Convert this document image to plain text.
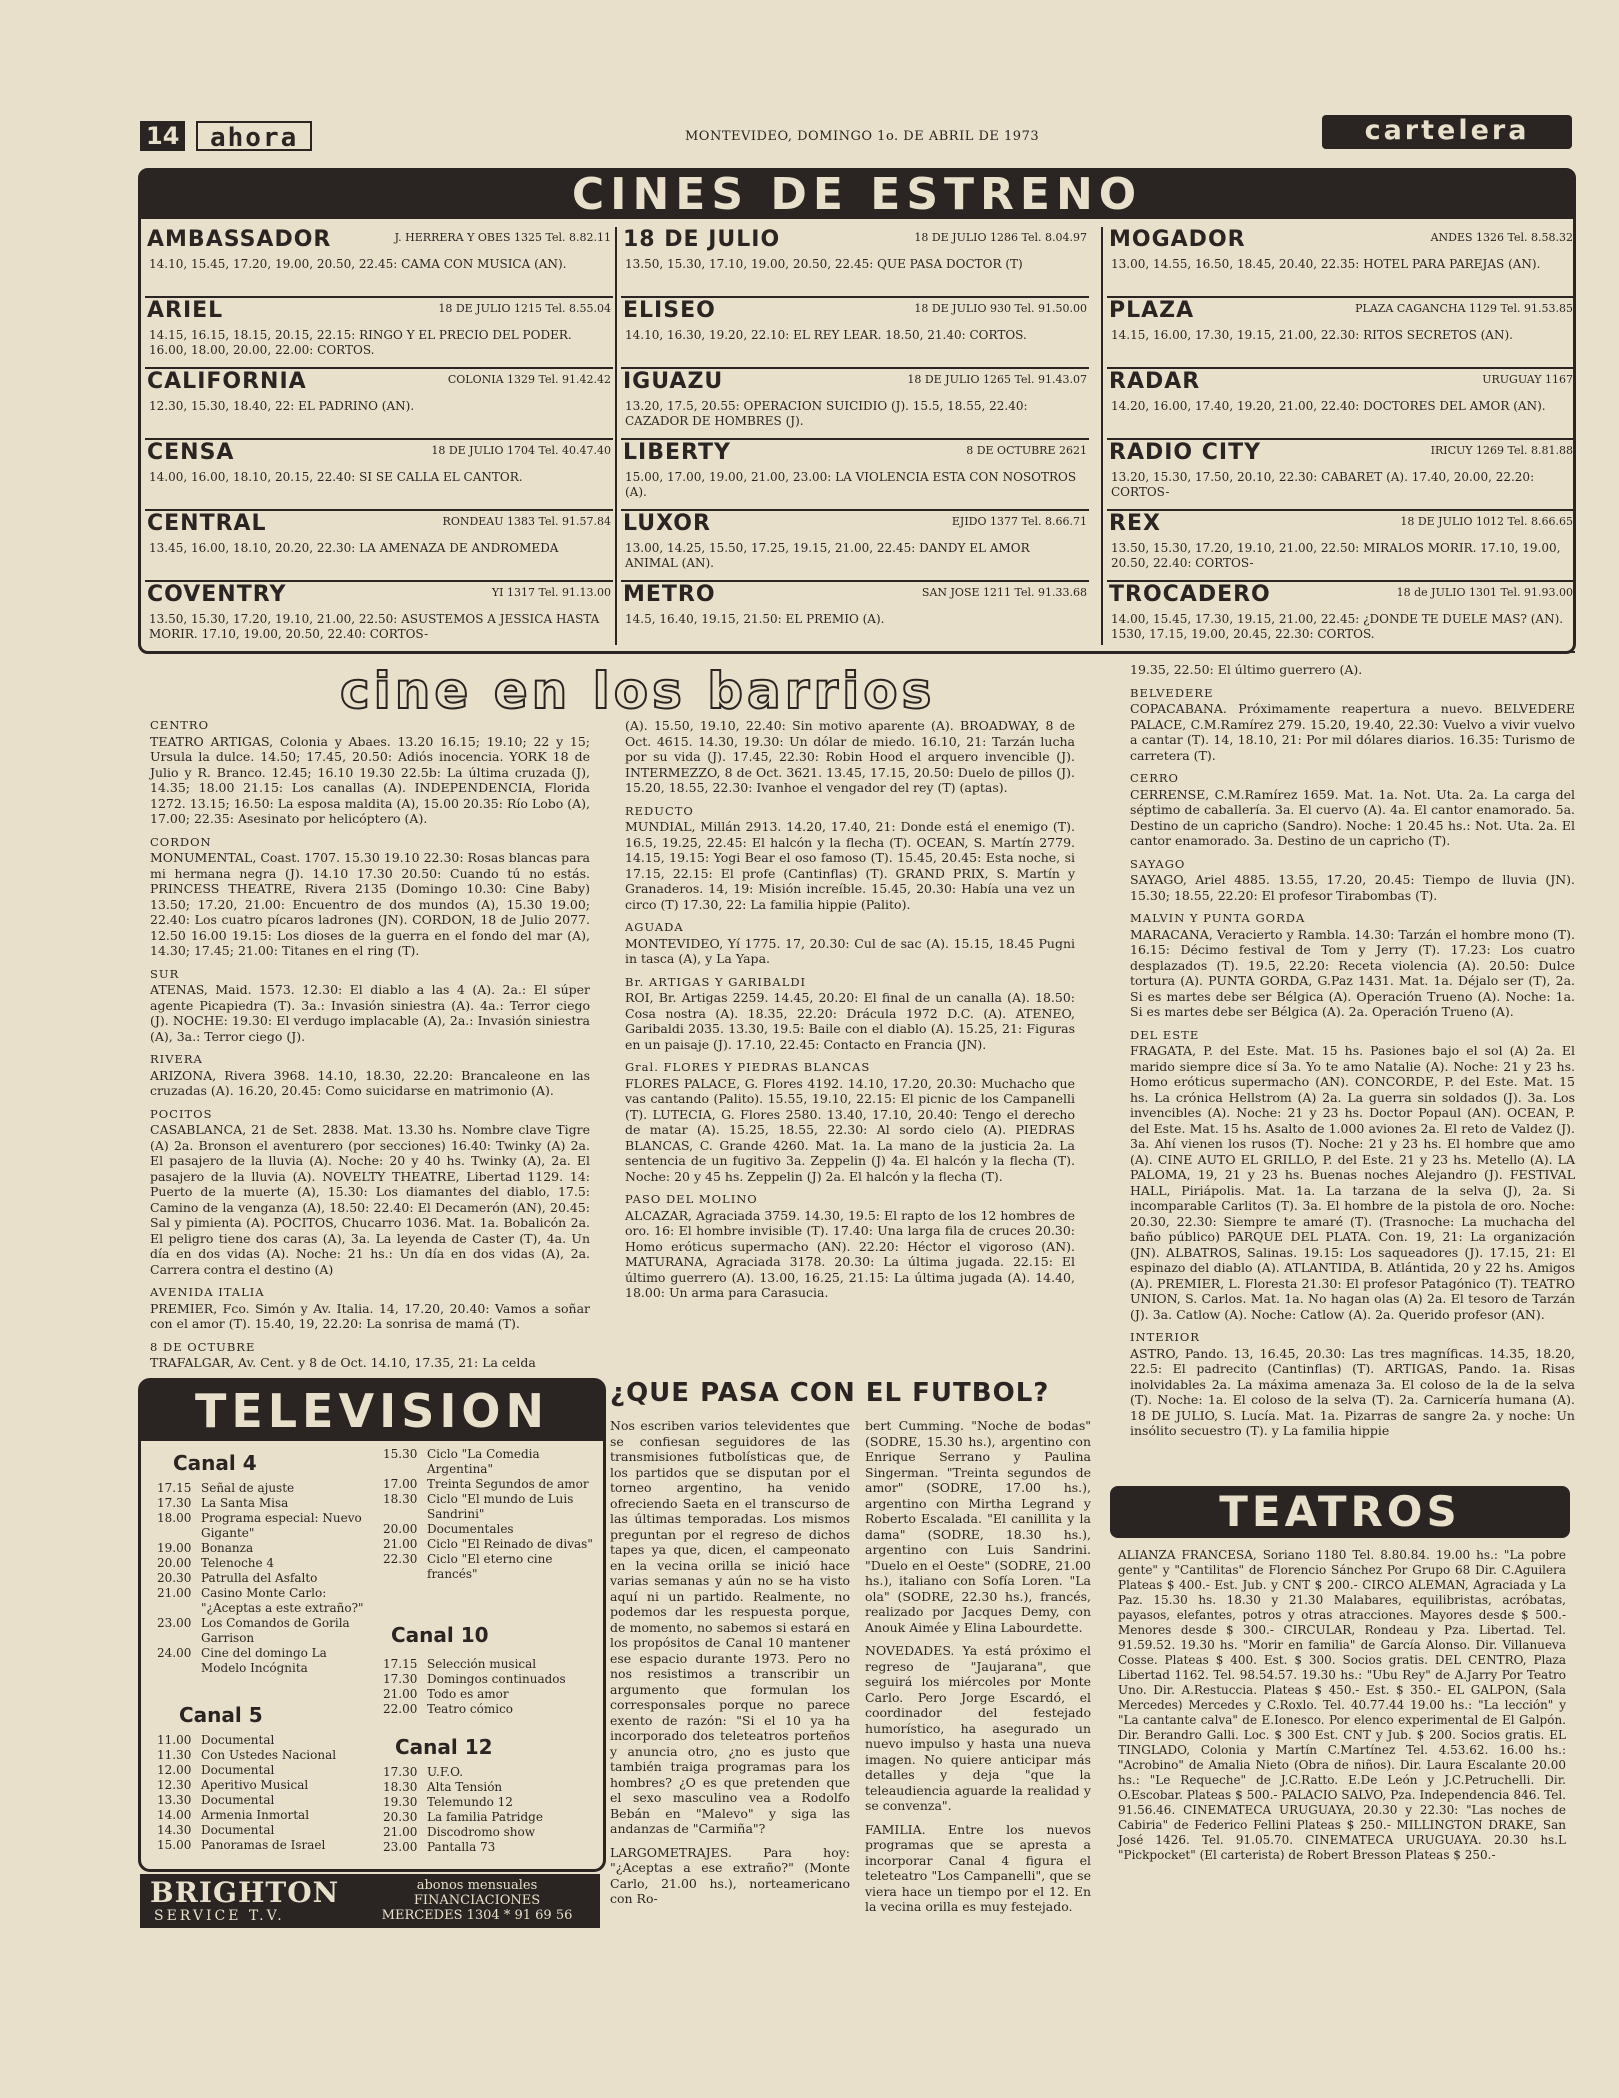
14	ahora	MONTEVIDEO, DOMINGO 1o. DE ABRIL DE 1973	cartelera
CINES DE ESTRENO
AMBASSADOR	J. HERRERA Y OBES 1325 Tel. 8.82.11
14.10, 15.45, 17.20, 19.00, 20.50, 22.45: CAMA CON MUSICA (AN).
ARIEL	18 DE JULIO 1215 Tel. 8.55.04
14.15, 16.15, 18.15, 20.15, 22.15: RINGO Y EL PRECIO DEL PODER. 16.00, 18.00, 20.00, 22.00: CORTOS.
CALIFORNIA	COLONIA 1329 Tel. 91.42.42
12.30, 15.30, 18.40, 22: EL PADRINO (AN).
CENSA	18 DE JULIO 1704 Tel. 40.47.40
14.00, 16.00, 18.10, 20.15, 22.40: SI SE CALLA EL CANTOR.
CENTRAL	RONDEAU 1383 Tel. 91.57.84
13.45, 16.00, 18.10, 20.20, 22.30: LA AMENAZA DE ANDROMEDA
COVENTRY	YI 1317 Tel. 91.13.00
13.50, 15.30, 17.20, 19.10, 21.00, 22.50: ASUSTEMOS A JESSICA HASTA MORIR. 17.10, 19.00, 20.50, 22.40: CORTOS-
18 DE JULIO	18 DE JULIO 1286 Tel. 8.04.97
13.50, 15.30, 17.10, 19.00, 20.50, 22.45: QUE PASA DOCTOR (T)
ELISEO	18 DE JULIO 930 Tel. 91.50.00
14.10, 16.30, 19.20, 22.10: EL REY LEAR. 18.50, 21.40: CORTOS.
IGUAZU	18 DE JULIO 1265 Tel. 91.43.07
13.20, 17.5, 20.55: OPERACION SUICIDIO (J). 15.5, 18.55, 22.40: CAZADOR DE HOMBRES (J).
LIBERTY	8 DE OCTUBRE 2621
15.00, 17.00, 19.00, 21.00, 23.00: LA VIOLENCIA ESTA CON NOSOTROS (A).
LUXOR	EJIDO 1377 Tel. 8.66.71
13.00, 14.25, 15.50, 17.25, 19.15, 21.00, 22.45: DANDY EL AMOR ANIMAL (AN).
METRO	SAN JOSE 1211 Tel. 91.33.68
14.5, 16.40, 19.15, 21.50: EL PREMIO (A).
MOGADOR	ANDES 1326 Tel. 8.58.32
13.00, 14.55, 16.50, 18.45, 20.40, 22.35: HOTEL PARA PAREJAS (AN).
PLAZA	PLAZA CAGANCHA 1129 Tel. 91.53.85
14.15, 16.00, 17.30, 19.15, 21.00, 22.30: RITOS SECRETOS (AN).
RADAR	URUGUAY 1167
14.20, 16.00, 17.40, 19.20, 21.00, 22.40: DOCTORES DEL AMOR (AN).
RADIO CITY	IRICUY 1269 Tel. 8.81.88
13.20, 15.30, 17.50, 20.10, 22.30: CABARET (A). 17.40, 20.00, 22.20: CORTOS-
REX	18 DE JULIO 1012 Tel. 8.66.65
13.50, 15.30, 17.20, 19.10, 21.00, 22.50: MIRALOS MORIR. 17.10, 19.00, 20.50, 22.40: CORTOS-
TROCADERO	18 de JULIO 1301 Tel. 91.93.00
14.00, 15.45, 17.30, 19.15, 21.00, 22.45: ¿DONDE TE DUELE MAS? (AN). 1530, 17.15, 19.00, 20.45, 22.30: CORTOS.
cine en los barrios
CENTRO

TEATRO ARTIGAS, Colonia y Abaes. 13.20 16.15; 19.10; 22 y 15; Ursula la dulce. 14.50; 17.45, 20.50: Adiós inocencia. YORK 18 de Julio y R. Branco. 12.45; 16.10 19.30 22.5b: La última cruzada (J), 14.35; 18.00 21.15: Los canallas (A). INDEPENDENCIA, Florida 1272. 13.15; 16.50: La esposa maldita (A), 15.00 20.35: Río Lobo (A), 17.00; 22.35: Asesinato por helicóptero (A).

CORDON

MONUMENTAL, Coast. 1707. 15.30 19.10 22.30: Rosas blancas para mi hermana negra (J). 14.10 17.30 20.50: Cuando tú no estás. PRINCESS THEATRE, Rivera 2135 (Domingo 10.30: Cine Baby) 13.50; 17.20, 21.00: Encuentro de dos mundos (A), 15.30 19.00; 22.40: Los cuatro pícaros ladrones (JN). CORDON, 18 de Julio 2077. 12.50 16.00 19.15: Los dioses de la guerra en el fondo del mar (A), 14.30; 17.45; 21.00: Titanes en el ring (T).

SUR

ATENAS, Maid. 1573. 12.30: El diablo a las 4 (A). 2a.: El súper agente Picapiedra (T). 3a.: Invasión siniestra (A). 4a.: Terror ciego (J). NOCHE: 19.30: El verdugo implacable (A), 2a.: Invasión siniestra (A), 3a.: Terror ciego (J).

RIVERA

ARIZONA, Rivera 3968. 14.10, 18.30, 22.20: Brancaleone en las cruzadas (A). 16.20, 20.45: Como suicidarse en matrimonio (A).

POCITOS

CASABLANCA, 21 de Set. 2838. Mat. 13.30 hs. Nombre clave Tigre (A) 2a. Bronson el aventurero (por secciones) 16.40: Twinky (A) 2a. El pasajero de la lluvia (A). Noche: 20 y 40 hs. Twinky (A), 2a. El pasajero de la lluvia (A). NOVELTY THEATRE, Libertad 1129. 14: Puerto de la muerte (A), 15.30: Los diamantes del diablo, 17.5: Camino de la venganza (A), 18.50: 22.40: El Decamerón (AN), 20.45: Sal y pimienta (A). POCITOS, Chucarro 1036. Mat. 1a. Bobalicón 2a. El peligro tiene dos caras (A), 3a. La leyenda de Caster (T), 4a. Un día en dos vidas (A). Noche: 21 hs.: Un día en dos vidas (A), 2a. Carrera contra el destino (A)

AVENIDA ITALIA

PREMIER, Fco. Simón y Av. Italia. 14, 17.20, 20.40: Vamos a soñar con el amor (T). 15.40, 19, 22.20: La sonrisa de mamá (T).

8 DE OCTUBRE

TRAFALGAR, Av. Cent. y 8 de Oct. 14.10, 17.35, 21: La celda

(A). 15.50, 19.10, 22.40: Sin motivo aparente (A). BROADWAY, 8 de Oct. 4615. 14.30, 19.30: Un dólar de miedo. 16.10, 21: Tarzán lucha por su vida (J). 17.45, 22.30: Robin Hood el arquero invencible (J). INTERMEZZO, 8 de Oct. 3621. 13.45, 17.15, 20.50: Duelo de pillos (J). 15.20, 18.55, 22.30: Ivanhoe el vengador del rey (T) (aptas).

REDUCTO

MUNDIAL, Millán 2913. 14.20, 17.40, 21: Donde está el enemigo (T). 16.5, 19.25, 22.45: El halcón y la flecha (T). OCEAN, S. Martín 2779. 14.15, 19.15: Yogi Bear el oso famoso (T). 15.45, 20.45: Esta noche, si 17.15, 22.15: El profe (Cantinflas) (T). GRAND PRIX, S. Martín y Granaderos. 14, 19: Misión increíble. 15.45, 20.30: Había una vez un circo (T) 17.30, 22: La familia hippie (Palito).

AGUADA

MONTEVIDEO, Yí 1775. 17, 20.30: Cul de sac (A). 15.15, 18.45 Pugni in tasca (A), y La Yapa.

Br. ARTIGAS Y GARIBALDI

ROI, Br. Artigas 2259. 14.45, 20.20: El final de un canalla (A). 18.50: Cosa nostra (A). 18.35, 22.20: Drácula 1972 D.C. (A). ATENEO, Garibaldi 2035. 13.30, 19.5: Baile con el diablo (A). 15.25, 21: Figuras en un paisaje (J). 17.10, 22.45: Contacto en Francia (JN).

Gral. FLORES Y PIEDRAS BLANCAS

FLORES PALACE, G. Flores 4192. 14.10, 17.20, 20.30: Muchacho que vas cantando (Palito). 15.55, 19.10, 22.15: El picnic de los Campanelli (T). LUTECIA, G. Flores 2580. 13.40, 17.10, 20.40: Tengo el derecho de matar (A). 15.25, 18.55, 22.30: Al sordo cielo (A). PIEDRAS BLANCAS, C. Grande 4260. Mat. 1a. La mano de la justicia 2a. La sentencia de un fugitivo 3a. Zeppelin (J) 4a. El halcón y la flecha (T). Noche: 20 y 45 hs. Zeppelin (J) 2a. El halcón y la flecha (T).

PASO DEL MOLINO

ALCAZAR, Agraciada 3759. 14.30, 19.5: El rapto de los 12 hombres de oro. 16: El hombre invisible (T). 17.40: Una larga fila de cruces 20.30: Homo eróticus supermacho (AN). 22.20: Héctor el vigoroso (AN). MATURANA, Agraciada 3178. 20.30: La última jugada. 22.15: El último guerrero (A). 13.00, 16.25, 21.15: La última jugada (A). 14.40, 18.00: Un arma para Carasucia.

19.35, 22.50: El último guerrero (A).

BELVEDERE

COPACABANA. Próximamente reapertura a nuevo. BELVEDERE PALACE, C.M.Ramírez 279. 15.20, 19.40, 22.30: Vuelvo a vivir vuelvo a cantar (T). 14, 18.10, 21: Por mil dólares diarios. 16.35: Turismo de carretera (T).

CERRO

CERRENSE, C.M.Ramírez 1659. Mat. 1a. Not. Uta. 2a. La carga del séptimo de caballería. 3a. El cuervo (A). 4a. El cantor enamorado. 5a. Destino de un capricho (Sandro). Noche: 1 20.45 hs.: Not. Uta. 2a. El cantor enamorado. 3a. Destino de un capricho (T).

SAYAGO

SAYAGO, Ariel 4885. 13.55, 17.20, 20.45: Tiempo de lluvia (JN). 15.30; 18.55, 22.20: El profesor Tirabombas (T).

MALVIN Y PUNTA GORDA

MARACANA, Veracierto y Rambla. 14.30: Tarzán el hombre mono (T). 16.15: Décimo festival de Tom y Jerry (T). 17.23: Los cuatro desplazados (T). 19.5, 22.20: Receta violencia (A). 20.50: Dulce tortura (A). PUNTA GORDA, G.Paz 1431. Mat. 1a. Déjalo ser (T), 2a. Si es martes debe ser Bélgica (A). Operación Trueno (A). Noche: 1a. Si es martes debe ser Bélgica (A). 2a. Operación Trueno (A).

DEL ESTE

FRAGATA, P. del Este. Mat. 15 hs. Pasiones bajo el sol (A) 2a. El marido siempre dice sí 3a. Yo te amo Natalie (A). Noche: 21 y 23 hs. Homo eróticus supermacho (AN). CONCORDE, P. del Este. Mat. 15 hs. La crónica Hellstrom (A) 2a. La guerra sin soldados (J). 3a. Los invencibles (A). Noche: 21 y 23 hs. Doctor Popaul (AN). OCEAN, P. del Este. Mat. 15 hs. Asalto de 1.000 aviones 2a. El reto de Valdez (J). 3a. Ahí vienen los rusos (T). Noche: 21 y 23 hs. El hombre que amo (A). CINE AUTO EL GRILLO, P. del Este. 21 y 23 hs. Metello (A). LA PALOMA, 19, 21 y 23 hs. Buenas noches Alejandro (J). FESTIVAL HALL, Piriápolis. Mat. 1a. La tarzana de la selva (J), 2a. Si incomparable Carlitos (T). 3a. El hombre de la pistola de oro. Noche: 20.30, 22.30: Siempre te amaré (T). (Trasnoche: La muchacha del baño público) PARQUE DEL PLATA. Con. 19, 21: La organización (JN). ALBATROS, Salinas. 19.15: Los saqueadores (J). 17.15, 21: El espinazo del diablo (A). ATLANTIDA, B. Atlántida, 20 y 22 hs. Amigos (A). PREMIER, L. Floresta 21.30: El profesor Patagónico (T). TEATRO UNION, S. Carlos. Mat. 1a. No hagan olas (A) 2a. El tesoro de Tarzán (J). 3a. Catlow (A). Noche: Catlow (A). 2a. Querido profesor (AN).

INTERIOR

ASTRO, Pando. 13, 16.45, 20.30: Las tres magníficas. 14.35, 18.20, 22.5: El padrecito (Cantinflas) (T). ARTIGAS, Pando. 1a. Risas inolvidables 2a. La máxima amenaza 3a. El coloso de la de la selva (T). Noche: 1a. El coloso de la selva (T). 2a. Carnicería humana (A). 18 DE JULIO, S. Lucía. Mat. 1a. Pizarras de sangre 2a. y noche: Un insólito secuestro (T). y La familia hippie

TELEVISION
Canal 4
17.15 Señal de ajuste
17.30 La Santa Misa
18.00 Programa especial: Nuevo Gigante"
19.00 Bonanza
20.00 Telenoche 4
20.30 Patrulla del Asfalto
21.00 Casino Monte Carlo: "¿Aceptas a este extraño?"
23.00 Los Comandos de Gorila Garrison
24.00 Cine del domingo La Modelo Incógnita
Canal 5
11.00 Documental
11.30 Con Ustedes Nacional
12.00 Documental
12.30 Aperitivo Musical
13.30 Documental
14.00 Armenia Inmortal
14.30 Documental
15.00 Panoramas de Israel
15.30 Ciclo "La Comedia Argentina"
17.00 Treinta Segundos de amor
18.30 Ciclo "El mundo de Luis Sandrini"
20.00 Documentales
21.00 Ciclo "El Reinado de divas"
22.30 Ciclo "El eterno cine francés"
Canal 10
17.15 Selección musical
17.30 Domingos continuados
21.00 Todo es amor
22.00 Teatro cómico
Canal 12
17.30 U.F.O.
18.30 Alta Tensión
19.30 Telemundo 12
20.30 La familia Patridge
21.00 Discodromo show
23.00 Pantalla 73
BRIGHTON
SERVICE T.V.
abonos mensuales
FINANCIACIONES
MERCEDES 1304 * 91 69 56
¿QUE PASA CON EL FUTBOL?

Nos escriben varios televidentes que se confiesan seguidores de las transmisiones futbolísticas que, de los partidos que se disputan por el torneo argentino, ha venido ofreciendo Saeta en el transcurso de las últimas temporadas. Los mismos preguntan por el regreso de dichos tapes ya que, dicen, el campeonato en la vecina orilla se inició hace varias semanas y aún no se ha visto aquí ni un partido. Realmente, no podemos dar les respuesta porque, de momento, no sabemos si estará en los propósitos de Canal 10 mantener ese espacio durante 1973. Pero no nos resistimos a transcribir un argumento que formulan los corresponsales porque no parece exento de razón: "Si el 10 ya ha incorporado dos teleteatros porteños y anuncia otro, ¿no es justo que también traiga programas para los hombres? ¿O es que pretenden que el sexo masculino vea a Rodolfo Bebán en "Malevo" y siga las andanzas de "Carmiña"?

LARGOMETRAJES. Para hoy: "¿Aceptas a ese extraño?" (Monte Carlo, 21.00 hs.), norteamericano con Ro-

bert Cumming. "Noche de bodas" (SODRE, 15.30 hs.), argentino con Enrique Serrano y Paulina Singerman. "Treinta segundos de amor" (SODRE, 17.00 hs.), argentino con Mirtha Legrand y Roberto Escalada. "El canillita y la dama" (SODRE, 18.30 hs.), argentino con Luis Sandrini. "Duelo en el Oeste" (SODRE, 21.00 hs.), italiano con Sofía Loren. "La ola" (SODRE, 22.30 hs.), francés, realizado por Jacques Demy, con Anouk Aimée y Elina Labourdette.

NOVEDADES. Ya está próximo el regreso de "Jaujarana", que seguirá los miércoles por Monte Carlo. Pero Jorge Escardó, el coordinador del festejado humorístico, ha asegurado un nuevo impulso y hasta una nueva imagen. No quiere anticipar más detalles y deja "que la teleaudiencia aguarde la realidad y se convenza".

FAMILIA. Entre los nuevos programas que se apresta a incorporar Canal 4 figura el teleteatro "Los Campanelli", que se viera hace un tiempo por el 12. En la vecina orilla es muy festejado.

TEATROS

ALIANZA FRANCESA, Soriano 1180 Tel. 8.80.84. 19.00 hs.: "La pobre gente" y "Cantilitas" de Florencio Sánchez Por Grupo 68 Dir. C.Aguilera Plateas $ 400.- Est. Jub. y CNT $ 200.- CIRCO ALEMAN, Agraciada y La Paz. 15.30 hs. 18.30 y 21.30 Malabares, equilibristas, acróbatas, payasos, elefantes, potros y otras atracciones. Mayores desde $ 500.- Menores desde $ 300.- CIRCULAR, Rondeau y Pza. Libertad. Tel. 91.59.52. 19.30 hs. "Morir en familia" de García Alonso. Dir. Villanueva Cosse. Plateas $ 400. Est. $ 300. Socios gratis. DEL CENTRO, Plaza Libertad 1162. Tel. 98.54.57. 19.30 hs.: "Ubu Rey" de A.Jarry Por Teatro Uno. Dir. A.Restuccia. Plateas $ 450.- Est. $ 350.- EL GALPON, (Sala Mercedes) Mercedes y C.Roxlo. Tel. 40.77.44 19.00 hs.: "La lección" y "La cantante calva" de E.Ionesco. Por elenco experimental de El Galpón. Dir. Berandro Galli. Loc. $ 300 Est. CNT y Jub. $ 200. Socios gratis. EL TINGLADO, Colonia y Martín C.Martínez Tel. 4.53.62. 16.00 hs.: "Acrobino" de Amalia Nieto (Obra de niños). Dir. Laura Escalante 20.00 hs.: "Le Requeche" de J.C.Ratto. E.De León y J.C.Petruchelli. Dir. O.Escobar. Plateas $ 500.- PALACIO SALVO, Pza. Independencia 846. Tel. 91.56.46. CINEMATECA URUGUAYA, 20.30 y 22.30: "Las noches de Cabiria" de Federico Fellini Plateas $ 250.- MILLINGTON DRAKE, San José 1426. Tel. 91.05.70. CINEMATECA URUGUAYA. 20.30 hs.L "Pickpocket" (El carterista) de Robert Bresson Plateas $ 250.-
